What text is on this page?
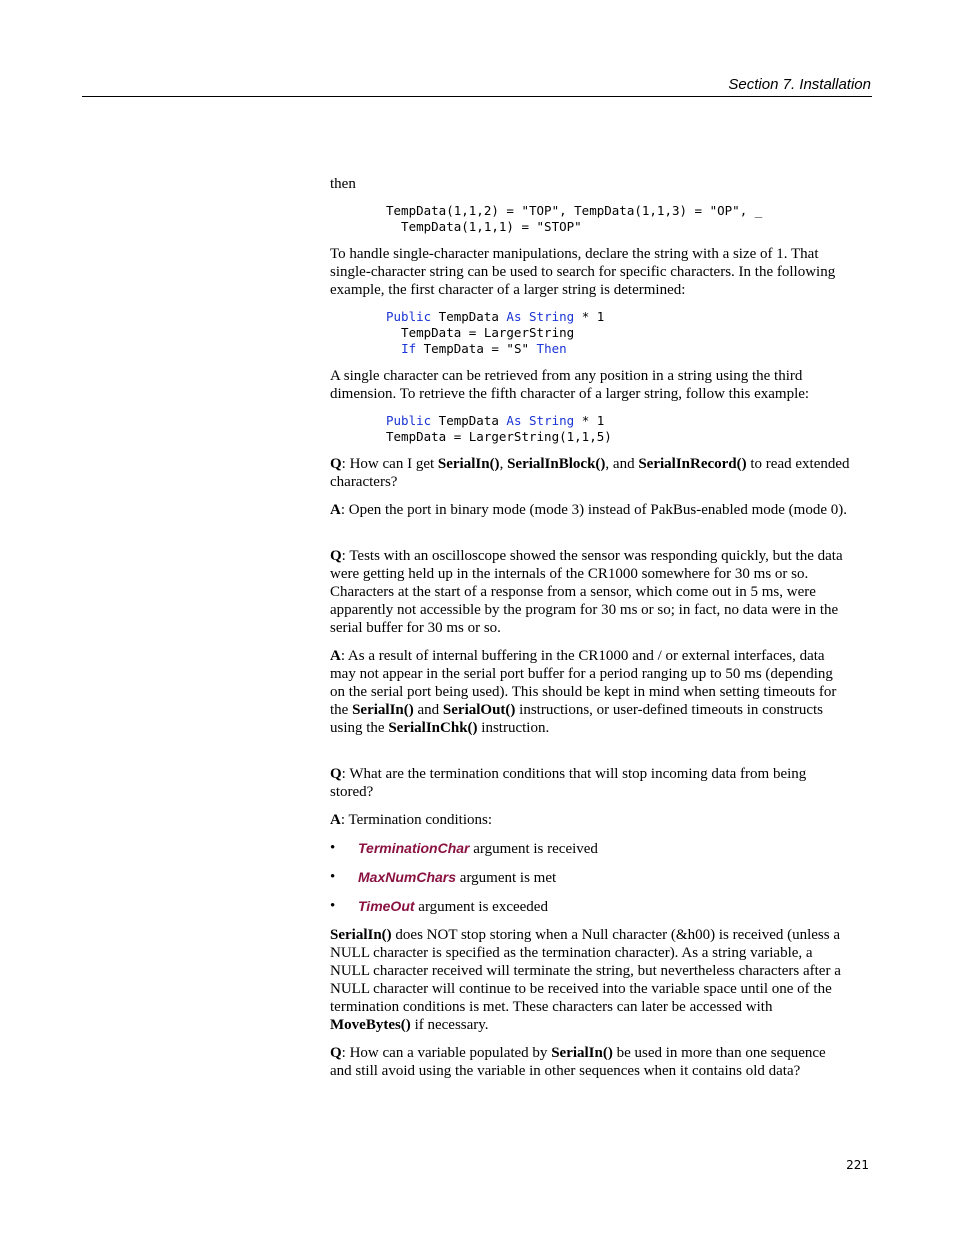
Section 7. Installation

then

TempData(1,1,2) = "TOP", TempData(1,1,3) = "OP", _
TempData(1,1,1) = "STOP"

To handle single-character manipulations, declare the string with a size of 1. That single-character string can be used to search for specific characters. In the following example, the first character of a larger string is determined:

Public TempData As String * 1
TempData = LargerString
If TempData = "S" Then

A single character can be retrieved from any position in a string using the third dimension. To retrieve the fifth character of a larger string, follow this example:

Public TempData As String * 1
TempData = LargerString(1,1,5)

Q: How can I get SerialIn(), SerialInBlock(), and SerialInRecord() to read extended characters?

A: Open the port in binary mode (mode 3) instead of PakBus-enabled mode (mode 0).

Q: Tests with an oscilloscope showed the sensor was responding quickly, but the data were getting held up in the internals of the CR1000 somewhere for 30 ms or so. Characters at the start of a response from a sensor, which come out in 5 ms, were apparently not accessible by the program for 30 ms or so; in fact, no data were in the serial buffer for 30 ms or so.

A: As a result of internal buffering in the CR1000 and / or external interfaces, data may not appear in the serial port buffer for a period ranging up to 50 ms (depending on the serial port being used). This should be kept in mind when setting timeouts for the SerialIn() and SerialOut() instructions, or user-defined timeouts in constructs using the SerialInChk() instruction.

Q: What are the termination conditions that will stop incoming data from being stored?

A: Termination conditions:

• TerminationChar argument is received
• MaxNumChars argument is met
• TimeOut argument is exceeded

SerialIn() does NOT stop storing when a Null character (&h00) is received (unless a NULL character is specified as the termination character). As a string variable, a NULL character received will terminate the string, but nevertheless characters after a NULL character will continue to be received into the variable space until one of the termination conditions is met. These characters can later be accessed with MoveBytes() if necessary.

Q: How can a variable populated by SerialIn() be used in more than one sequence and still avoid using the variable in other sequences when it contains old data?

221
